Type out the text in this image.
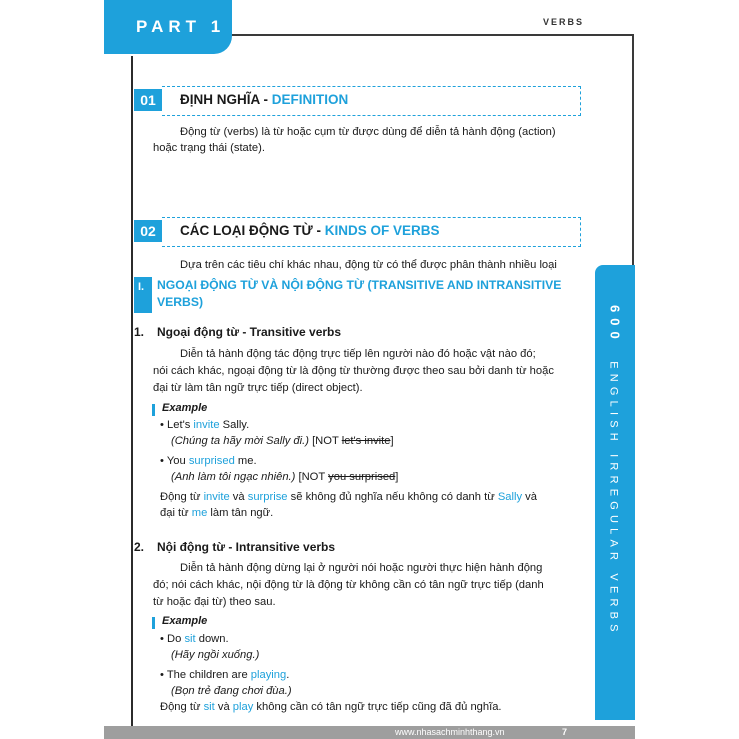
PART 1	VERBS
01	ĐỊNH NGHĨA - DEFINITION
Động từ (verbs) là từ hoặc cụm từ được dùng để diễn tả hành động (action)
hoặc trạng thái (state).
02	CÁC LOẠI ĐỘNG TỪ - KINDS OF VERBS
Dựa trên các tiêu chí khác nhau, động từ có thể được phân thành nhiều loại
I.	NGOẠI ĐỘNG TỪ VÀ NỘI ĐỘNG TỪ (TRANSITIVE AND INTRANSITIVE
VERBS)
1. Ngoại động từ - Transitive verbs
Diễn tả hành động tác động trực tiếp lên người nào đó hoặc vật nào đó;
nói cách khác, ngoại động từ là động từ thường được theo sau bởi danh từ hoặc
đại từ làm tân ngữ trực tiếp (direct object).
Example
• Let's invite Sally.
(Chúng ta hãy mời Sally đi.) [NOT let's invite]
• You surprised me.
(Anh làm tôi ngạc nhiên.) [NOT you surprised]
Động từ invite và surprise sẽ không đủ nghĩa nếu không có danh từ Sally và
đại từ me làm tân ngữ.
2. Nội động từ - Intransitive verbs
Diễn tả hành động dừng lại ở người nói hoặc người thực hiện hành động
đó; nói cách khác, nội động từ là động từ không cần có tân ngữ trực tiếp (danh
từ hoặc đại từ) theo sau.
Example
• Do sit down.
(Hãy ngồi xuống.)
• The children are playing.
(Bọn trẻ đang chơi đùa.)
Động từ sit và play không cần có tân ngữ trực tiếp cũng đã đủ nghĩa.
600  ENGLISH IRREGULAR VERBS
www.nhasachminhthang.vn	7
